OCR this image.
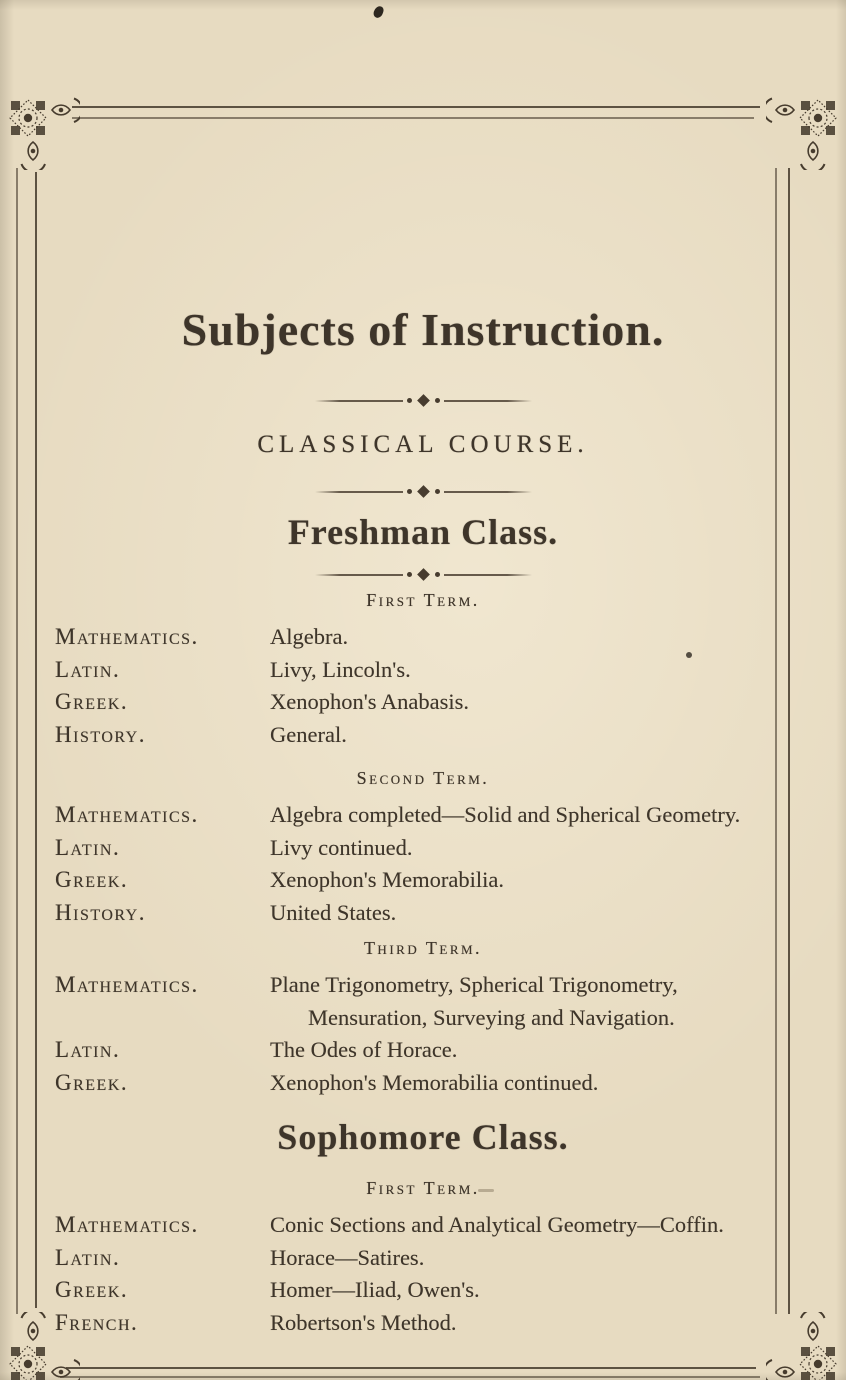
Subjects of Instruction.
CLASSICAL COURSE.
Freshman Class.
First Term.
Mathematics.	Algebra.
Latin.	Livy, Lincoln's.
Greek.	Xenophon's Anabasis.
History.	General.
Second Term.
Mathematics.	Algebra completed—Solid and Spherical Geometry.
Latin.	Livy continued.
Greek.	Xenophon's Memorabilia.
History.	United States.
Third Term.
Mathematics.	Plane Trigonometry, Spherical Trigonometry, Mensuration, Surveying and Navigation.
Latin.	The Odes of Horace.
Greek.	Xenophon's Memorabilia continued.
Sophomore Class.
First Term.
Mathematics.	Conic Sections and Analytical Geometry—Coffin.
Latin.	Horace—Satires.
Greek.	Homer—Iliad, Owen's.
French.	Robertson's Method.
